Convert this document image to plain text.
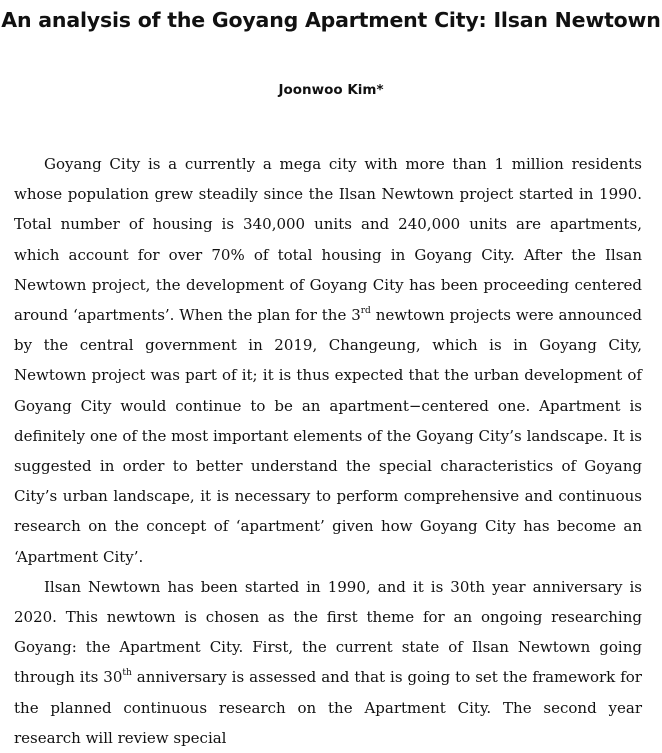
An analysis of the Goyang Apartment City: Ilsan Newtown
Joonwoo Kim*

Goyang City is a currently a mega city with more than 1 million residents whose population grew steadily since the Ilsan Newtown project started in 1990. Total number of housing is 340,000 units and 240,000 units are apartments, which account for over 70% of total housing in Goyang City. After the Ilsan Newtown project, the development of Goyang City has been proceeding centered around ‘apartments’. When the plan for the 3rd newtown projects were announced by the central government in 2019, Changeung, which is in Goyang City, Newtown project was part of it; it is thus expected that the urban development of Goyang City would continue to be an apartment−centered one. Apartment is definitely one of the most important elements of the Goyang City’s landscape. It is suggested in order to better understand the special characteristics of Goyang City’s urban landscape, it is necessary to perform comprehensive and continuous research on the concept of ‘apartment’ given how Goyang City has become an ‘Apartment City’.

Ilsan Newtown has been started in 1990, and it is 30th year anniversary is 2020. This newtown is chosen as the first theme for an ongoing researching Goyang: the Apartment City. First, the current state of Ilsan Newtown going through its 30th anniversary is assessed and that is going to set the framework for the planned continuous research on the Apartment City. The second year research will review special
